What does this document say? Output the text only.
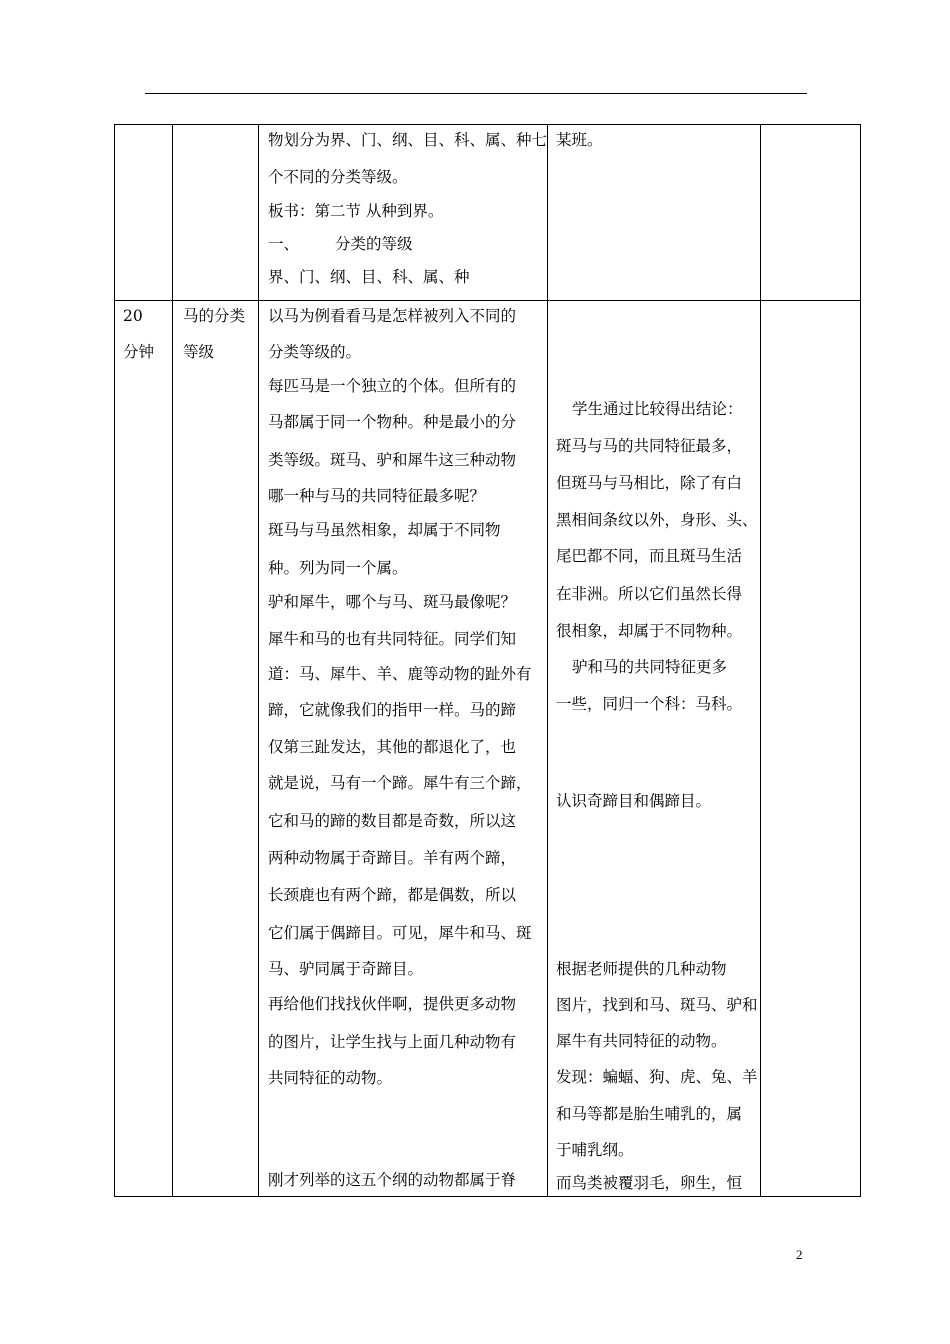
物划分为界、门、纲、目、科、属、种七
个不同的分类等级。
板书：第二节 从种到界。
一、 分类的等级
界、门、纲、目、科、属、种
某班。
20
分钟
马的分类
等级
以马为例看看马是怎样被列入不同的
分类等级的。
每匹马是一个独立的个体。但所有的
马都属于同一个物种。种是最小的分
类等级。斑马、驴和犀牛这三种动物
哪一种与马的共同特征最多呢？
斑马与马虽然相象，却属于不同物
种。列为同一个属。
驴和犀牛，哪个与马、斑马最像呢？
犀牛和马的也有共同特征。同学们知
道：马、犀牛、羊、鹿等动物的趾外有
蹄，它就像我们的指甲一样。马的蹄
仅第三趾发达，其他的都退化了，也
就是说，马有一个蹄。犀牛有三个蹄，
它和马的蹄的数目都是奇数，所以这
两种动物属于奇蹄目。羊有两个蹄，
长颈鹿也有两个蹄，都是偶数，所以
它们属于偶蹄目。可见，犀牛和马、斑
马、驴同属于奇蹄目。
再给他们找找伙伴啊，提供更多动物
的图片，让学生找与上面几种动物有
共同特征的动物。
刚才列举的这五个纲的动物都属于脊
学生通过比较得出结论：
斑马与马的共同特征最多，
但斑马与马相比，除了有白
黑相间条纹以外，身形、头、
尾巴都不同，而且斑马生活
在非洲。所以它们虽然长得
很相象，却属于不同物种。
驴和马的共同特征更多
一些，同归一个科：马科。
认识奇蹄目和偶蹄目。
根据老师提供的几种动物
图片，找到和马、斑马、驴和
犀牛有共同特征的动物。
发现：蝙蝠、狗、虎、兔、羊
和马等都是胎生哺乳的，属
于哺乳纲。
而鸟类被覆羽毛，卵生，恒
2
